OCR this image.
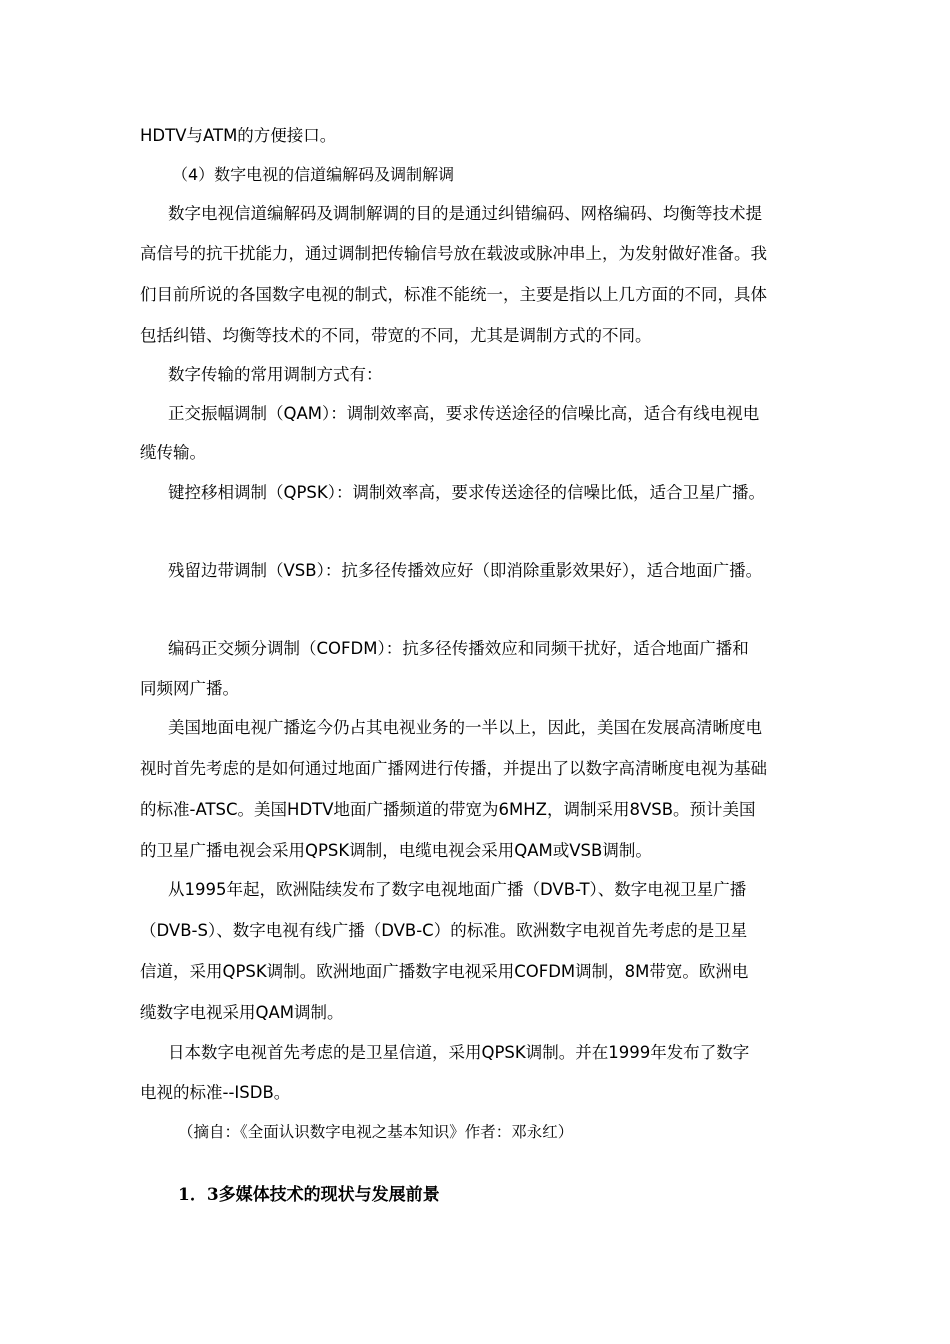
HDTV与ATM的方便接口。
（4）数字电视的信道编解码及调制解调
数字电视信道编解码及调制解调的目的是通过纠错编码、网格编码、均衡等技术提
高信号的抗干扰能力，通过调制把传输信号放在载波或脉冲串上，为发射做好准备。我
们目前所说的各国数字电视的制式，标准不能统一，主要是指以上几方面的不同，具体
包括纠错、均衡等技术的不同，带宽的不同，尤其是调制方式的不同。
数字传输的常用调制方式有：
正交振幅调制（QAM）：调制效率高，要求传送途径的信噪比高，适合有线电视电
缆传输。
键控移相调制（QPSK）：调制效率高，要求传送途径的信噪比低，适合卫星广播。
残留边带调制（VSB）：抗多径传播效应好（即消除重影效果好），适合地面广播。
编码正交频分调制（COFDM）：抗多径传播效应和同频干扰好，适合地面广播和
同频网广播。
美国地面电视广播迄今仍占其电视业务的一半以上，因此，美国在发展高清晰度电
视时首先考虑的是如何通过地面广播网进行传播，并提出了以数字高清晰度电视为基础
的标准-ATSC。美国HDTV地面广播频道的带宽为6MHZ，调制采用8VSB。预计美国
的卫星广播电视会采用QPSK调制，电缆电视会采用QAM或VSB调制。
从1995年起，欧洲陆续发布了数字电视地面广播（DVB-T）、数字电视卫星广播
（DVB-S）、数字电视有线广播（DVB-C）的标准。欧洲数字电视首先考虑的是卫星
信道，采用QPSK调制。欧洲地面广播数字电视采用COFDM调制，8M带宽。欧洲电
缆数字电视采用QAM调制。
日本数字电视首先考虑的是卫星信道，采用QPSK调制。并在1999年发布了数字
电视的标准--ISDB。
（摘自：《全面认识数字电视之基本知识》作者：邓永红）
1．3多媒体技术的现状与发展前景
